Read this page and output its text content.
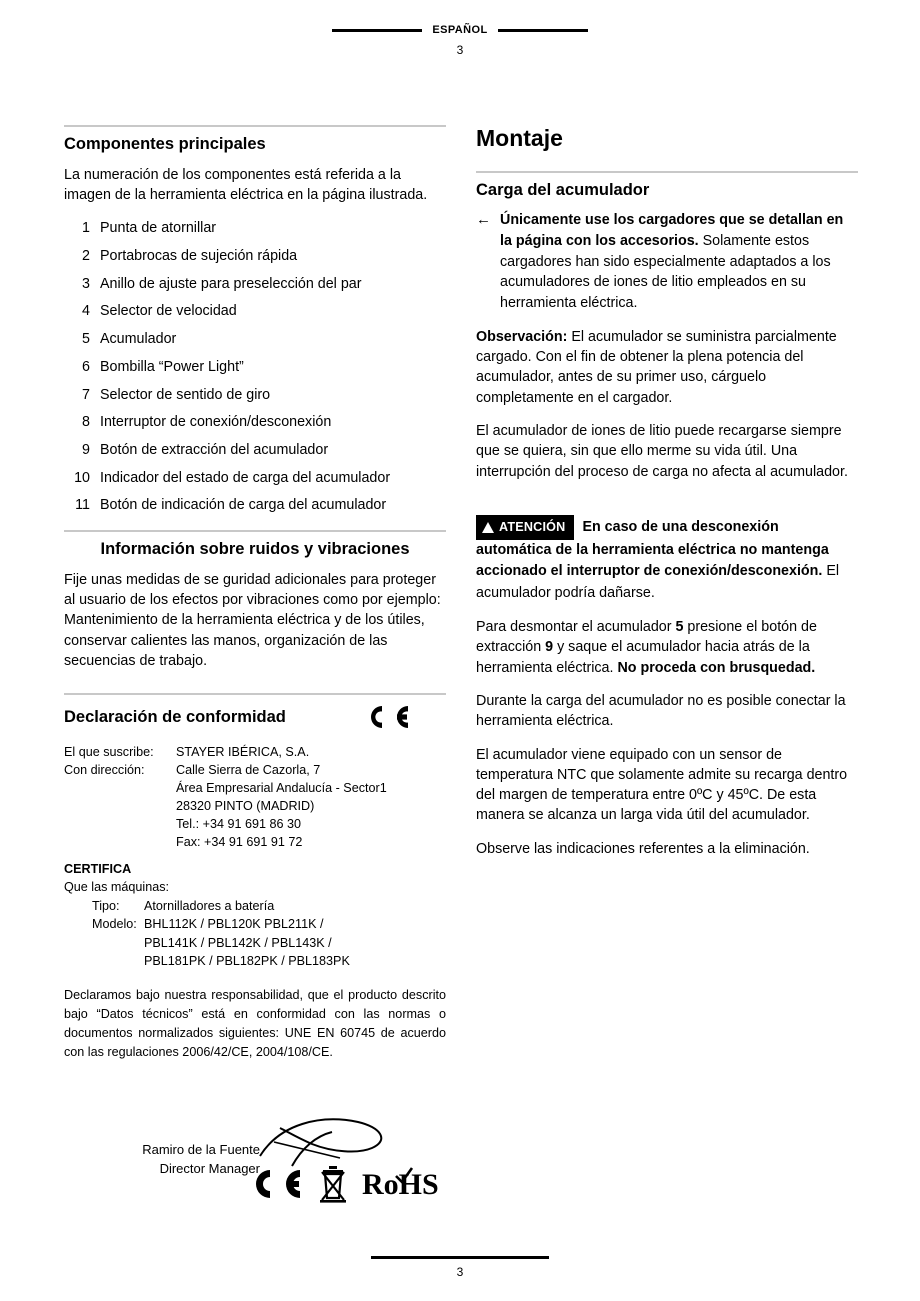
ESPAÑOL
3
Componentes principales

La numeración de los componentes está referida a la imagen de la herramienta eléctrica en la página ilustrada.

1 Punta de atornillar
2 Portabrocas de sujeción rápida
3 Anillo de ajuste para preselección del par
4 Selector de velocidad
5 Acumulador
6 Bombilla “Power Light”
7 Selector de sentido de giro
8 Interruptor de conexión/desconexión
9 Botón de extracción del acumulador
10 Indicador del estado de carga del acumulador
11 Botón de indicación de carga del acumulador
Información sobre ruidos y vibraciones

Fije unas medidas de se guridad adicionales para proteger al usuario de los efectos por vibraciones como por ejemplo: Mantenimiento de la herramienta eléctrica y de los útiles, conservar calientes las manos, organización de las secuencias de trabajo.

Declaración de conformidad
El que suscribe:	STAYER IBÉRICA, S.A.
Con dirección:	Calle Sierra de Cazorla, 7
Área Empresarial Andalucía - Sector1
28320 PINTO (MADRID)
Tel.: +34 91 691 86 30
Fax: +34 91 691 91 72
CERTIFICA
Que las máquinas:
Tipo:	Atornilladores a batería
Modelo: BHL112K / PBL120K PBL211K /
PBL141K / PBL142K / PBL143K /
PBL181PK / PBL182PK / PBL183PK
Declaramos bajo nuestra responsabilidad, que el producto descrito bajo “Datos técnicos” está en conformidad con las normas o documentos normalizados siguientes: UNE EN 60745 de acuerdo con las regulaciones 2006/42/CE, 2004/108/CE.
Ramiro de la Fuente
Director Manager	RoHS
Montaje
Carga del acumulador
← Únicamente use los cargadores que se detallan en la página con los accesorios. Solamente estos cargadores han sido especialmente adaptados a los acumuladores de iones de litio empleados en su herramienta eléctrica.

Observación: El acumulador se suministra parcialmente cargado. Con el fin de obtener la plena potencia del acumulador, antes de su primer uso, cárguelo completamente en el cargador.

El acumulador de iones de litio puede recargarse siempre que se quiera, sin que ello merme su vida útil. Una interrupción del proceso de carga no afecta al acumulador.

ATENCIÓN En caso de una desconexión automática de la herramienta eléctrica no mantenga accionado el interruptor de conexión/desconexión. El acumulador podría dañarse.

Para desmontar el acumulador 5 presione el botón de extracción 9 y saque el acumulador hacia atrás de la herramienta eléctrica. No proceda con brusquedad.

Durante la carga del acumulador no es posible conectar la herramienta eléctrica.

El acumulador viene equipado con un sensor de temperatura NTC que solamente admite su recarga dentro del margen de temperatura entre 0ºC y 45ºC. De esta manera se alcanza un larga vida útil del acumulador.

Observe las indicaciones referentes a la eliminación.

3
